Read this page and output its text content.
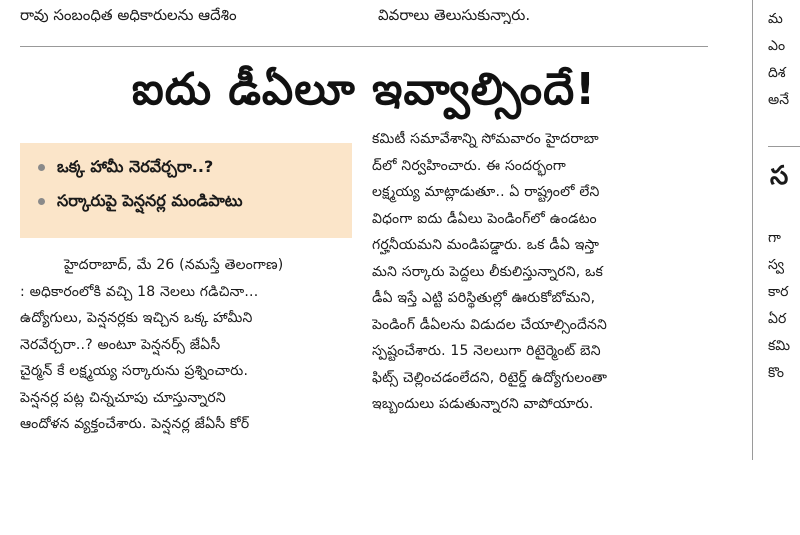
రావు సంబంధిత అధికారులను ఆదేశిం
	వివరాలు తెలుసుకున్నారు.
ఐదు డీఏలూ ఇవ్వాల్సిందే!
ఒక్క హామీ నెరవేర్చరా..?
సర్కారుపై పెన్షనర్ల మండిపాటు
హైదరాబాద్, మే 26 (నమస్తే తెలంగాణ)
: అధికారంలోకి వచ్చి 18 నెలలు గడిచినా...
ఉద్యోగులు, పెన్షనర్లకు ఇచ్చిన ఒక్క హామీని
నెరవేర్చరా..? అంటూ పెన్షనర్స్ జేఏసీ
చైర్మన్ కే లక్ష్మయ్య సర్కారును ప్రశ్నించారు.
పెన్షనర్ల పట్ల చిన్నచూపు చూస్తున్నారని
ఆందోళన వ్యక్తంచేశారు. పెన్షనర్ల జేఏసీ కోర్
కమిటీ సమావేశాన్ని సోమవారం హైదరాబా
ద్‌లో నిర్వహించారు. ఈ సందర్భంగా
లక్ష్మయ్య మాట్లాడుతూ.. ఏ రాష్ట్రంలో లేని
విధంగా ఐదు డీఏలు పెండింగ్‌లో ఉండటం
గర్హనీయమని మండిపడ్డారు. ఒక డీఏ ఇస్తా
మని సర్కారు పెద్దలు లీకులిస్తున్నారని, ఒక
డీఏ ఇస్తే ఎట్టి పరిస్థితుల్లో ఊరుకోబోమని,
పెండింగ్ డీఏలను విడుదల చేయాల్సిందేనని
స్పష్టంచేశారు. 15 నెలలుగా రిటైర్మెంట్ బెని
ఫిట్స్ చెల్లించడంలేదని, రిటైర్డ్ ఉద్యోగులంతా
ఇబ్బందులు పడుతున్నారని వాపోయారు.
మ
ఎం
దిశ
అనే
స
గా
స్వ
కార
ఏర
కమి
కొం
